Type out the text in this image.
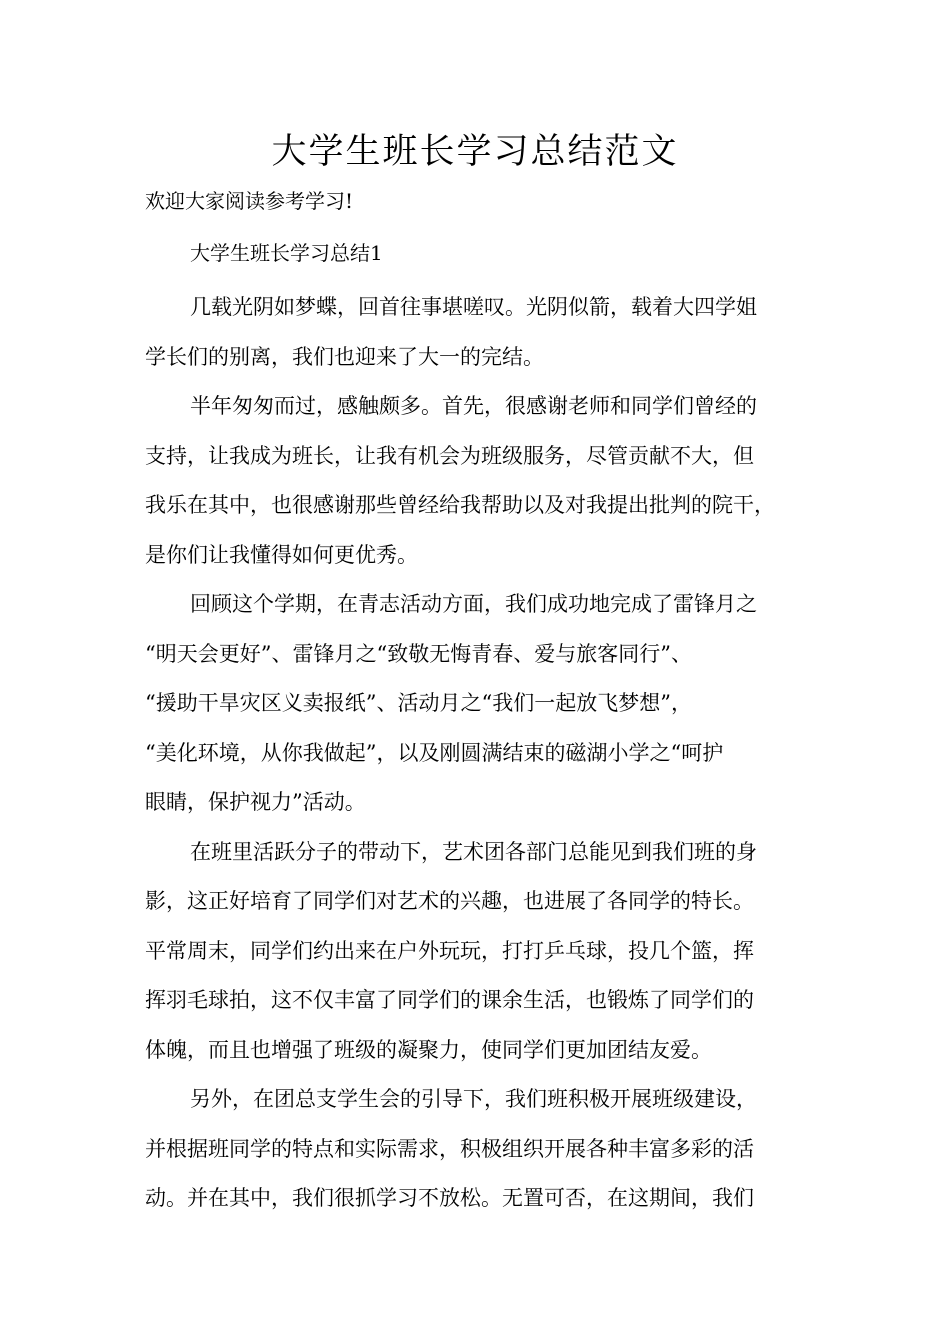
大学生班长学习总结范文

欢迎大家阅读参考学习!

大学生班长学习总结1

几载光阴如梦蝶，回首往事堪嗟叹。光阴似箭，载着大四学姐
学长们的别离，我们也迎来了大一的完结。

半年匆匆而过，感触颇多。首先，很感谢老师和同学们曾经的
支持，让我成为班长，让我有机会为班级服务，尽管贡献不大，但
我乐在其中，也很感谢那些曾经给我帮助以及对我提出批判的院干，
是你们让我懂得如何更优秀。

回顾这个学期，在青志活动方面，我们成功地完成了雷锋月之
“明天会更好”、雷锋月之“致敬无悔青春、爱与旅客同行”、
“援助干旱灾区义卖报纸”、活动月之“我们一起放飞梦想”，
“美化环境，从你我做起”，以及刚圆满结束的磁湖小学之“呵护
眼睛，保护视力”活动。

在班里活跃分子的带动下，艺术团各部门总能见到我们班的身
影，这正好培育了同学们对艺术的兴趣，也进展了各同学的特长。
平常周末，同学们约出来在户外玩玩，打打乒乓球，投几个篮，挥
挥羽毛球拍，这不仅丰富了同学们的课余生活，也锻炼了同学们的
体魄，而且也增强了班级的凝聚力，使同学们更加团结友爱。

另外，在团总支学生会的引导下，我们班积极开展班级建设，
并根据班同学的特点和实际需求，积极组织开展各种丰富多彩的活
动。并在其中，我们很抓学习不放松。无置可否，在这期间，我们
